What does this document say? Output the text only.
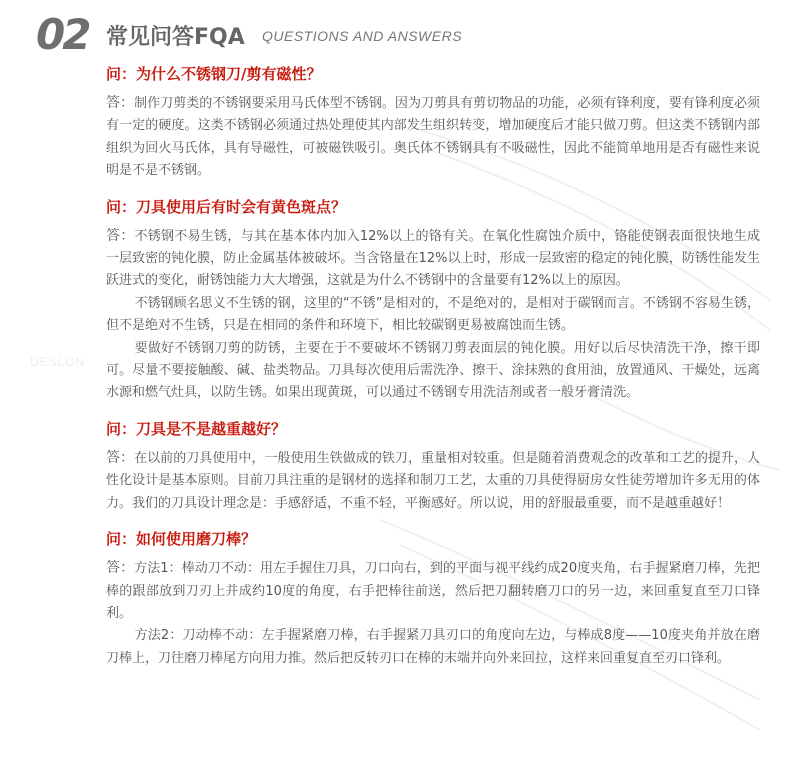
DESLON
02 常见问答FQA QUESTIONS AND ANSWERS

问：为什么不锈钢刀/剪有磁性？

答：制作刀剪类的不锈钢要采用马氏体型不锈钢。因为刀剪具有剪切物品的功能，必须有锋利度，要有锋利度必须有一定的硬度。这类不锈钢必须通过热处理使其内部发生组织转变，增加硬度后才能只做刀剪。但这类不锈钢内部组织为回火马氏体，具有导磁性，可被磁铁吸引。奥氏体不锈钢具有不吸磁性，因此不能简单地用是否有磁性来说明是不是不锈钢。

问：刀具使用后有时会有黄色斑点？

答：不锈钢不易生锈，与其在基本体内加入12%以上的铬有关。在氧化性腐蚀介质中，铬能使钢表面很快地生成一层致密的钝化膜，防止金属基体被破坏。当含铬量在12%以上时，形成一层致密的稳定的钝化膜，防锈性能发生跃进式的变化，耐锈蚀能力大大增强，这就是为什么不锈钢中的含量要有12%以上的原因。

不锈钢顾名思义不生锈的钢，这里的“不锈”是相对的，不是绝对的，是相对于碳钢而言。不锈钢不容易生锈，但不是绝对不生锈，只是在相同的条件和环境下，相比较碳钢更易被腐蚀而生锈。

要做好不锈钢刀剪的防锈，主要在于不要破坏不锈钢刀剪表面层的钝化膜。用好以后尽快清洗干净，擦干即可。尽量不要接触酸、碱、盐类物品。刀具每次使用后需洗净、擦干、涂抹熟的食用油，放置通风、干燥处，远离水源和燃气灶具，以防生锈。如果出现黄斑，可以通过不锈钢专用洗洁剂或者一般牙膏清洗。

问：刀具是不是越重越好？

答：在以前的刀具使用中，一般使用生铁做成的铁刀，重量相对较重。但是随着消费观念的改革和工艺的提升，人性化设计是基本原则。目前刀具注重的是钢材的选择和制刀工艺，太重的刀具使得厨房女性徒劳增加许多无用的体力。我们的刀具设计理念是：手感舒适，不重不轻，平衡感好。所以说，用的舒服最重要，而不是越重越好！

问：如何使用磨刀棒？

答：方法1：棒动刀不动：用左手握住刀具，刀口向右，到的平面与视平线约成20度夹角，右手握紧磨刀棒，先把棒的跟部放到刀刃上并成约10度的角度，右手把棒往前送，然后把刀翻转磨刀口的另一边，来回重复直至刀口锋利。

方法2：刀动棒不动：左手握紧磨刀棒，右手握紧刀具刃口的角度向左边，与棒成8度——10度夹角并放在磨刀棒上，刀往磨刀棒尾方向用力推。然后把反转刃口在棒的末端并向外来回拉，这样来回重复直至刃口锋利。
